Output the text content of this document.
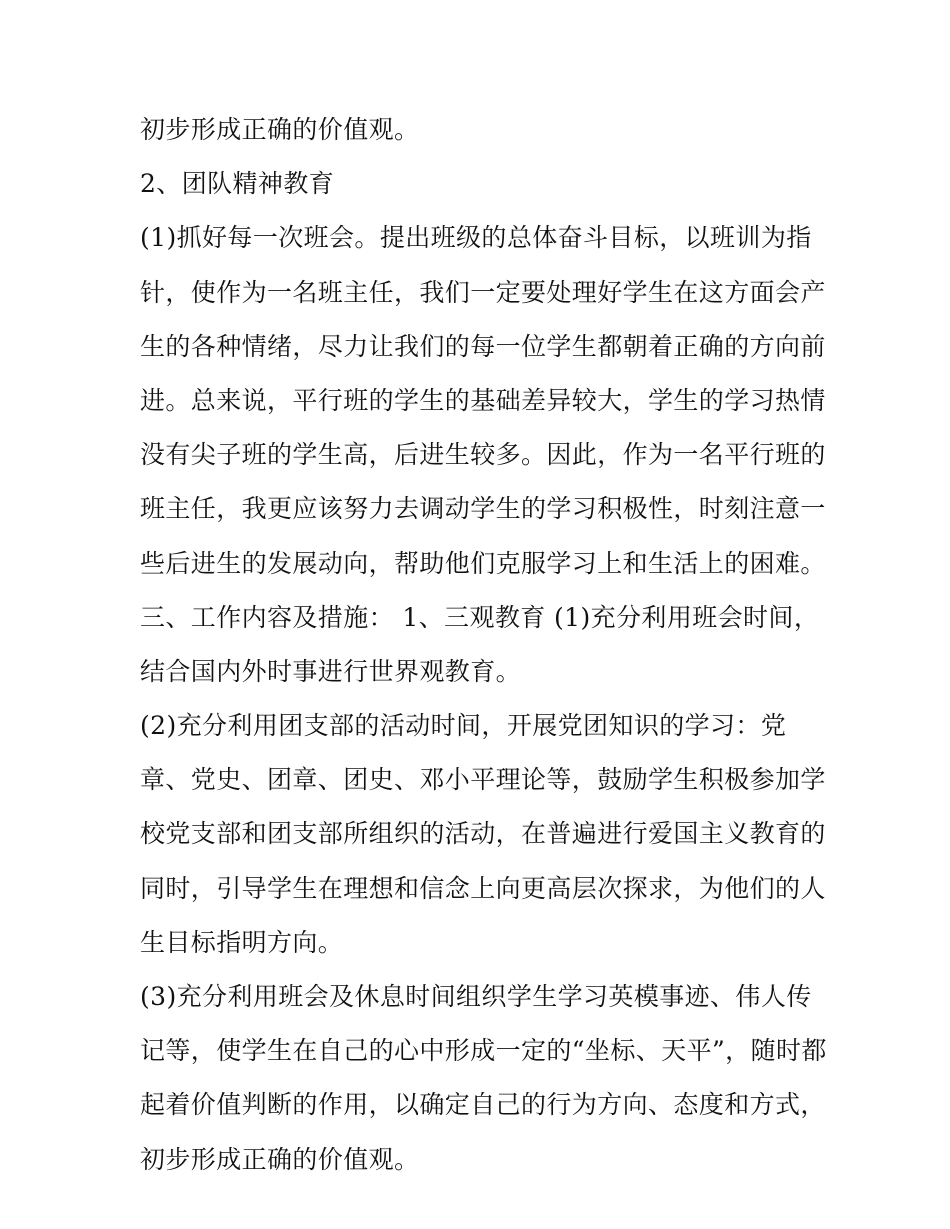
初步形成正确的价值观。
2、团队精神教育
(1)抓好每一次班会。提出班级的总体奋斗目标，以班训为指
针，使作为一名班主任，我们一定要处理好学生在这方面会产
生的各种情绪，尽力让我们的每一位学生都朝着正确的方向前
进。总来说，平行班的学生的基础差异较大，学生的学习热情
没有尖子班的学生高，后进生较多。因此，作为一名平行班的
班主任，我更应该努力去调动学生的学习积极性，时刻注意一
些后进生的发展动向，帮助他们克服学习上和生活上的困难。
三、工作内容及措施： 1、三观教育 (1)充分利用班会时间，
结合国内外时事进行世界观教育。
(2)充分利用团支部的活动时间，开展党团知识的学习：党
章、党史、团章、团史、邓小平理论等，鼓励学生积极参加学
校党支部和团支部所组织的活动，在普遍进行爱国主义教育的
同时，引导学生在理想和信念上向更高层次探求，为他们的人
生目标指明方向。
(3)充分利用班会及休息时间组织学生学习英模事迹、伟人传
记等，使学生在自己的心中形成一定的“坐标、天平”，随时都
起着价值判断的作用，以确定自己的行为方向、态度和方式，
初步形成正确的价值观。
